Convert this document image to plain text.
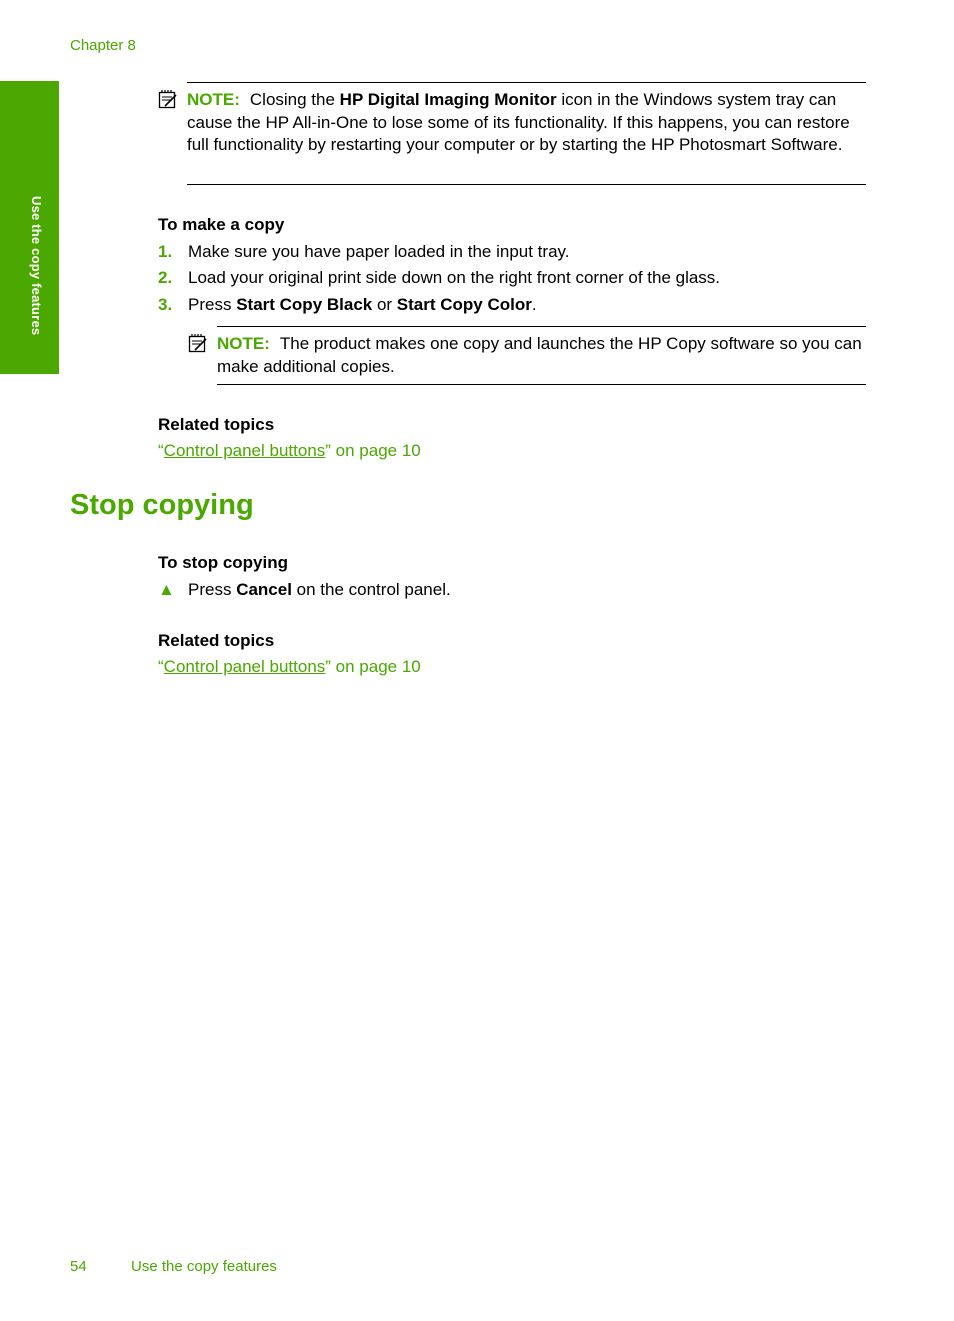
Chapter 8
Use the copy features
NOTE: Closing the HP Digital Imaging Monitor icon in the Windows system tray can cause the HP All-in-One to lose some of its functionality. If this happens, you can restore full functionality by restarting your computer or by starting the HP Photosmart Software.
To make a copy
1. Make sure you have paper loaded in the input tray.
2. Load your original print side down on the right front corner of the glass.
3. Press Start Copy Black or Start Copy Color.
NOTE: The product makes one copy and launches the HP Copy software so you can make additional copies.
Related topics
“Control panel buttons” on page 10
Stop copying
To stop copying
▲ Press Cancel on the control panel.
Related topics
“Control panel buttons” on page 10
54	Use the copy features
